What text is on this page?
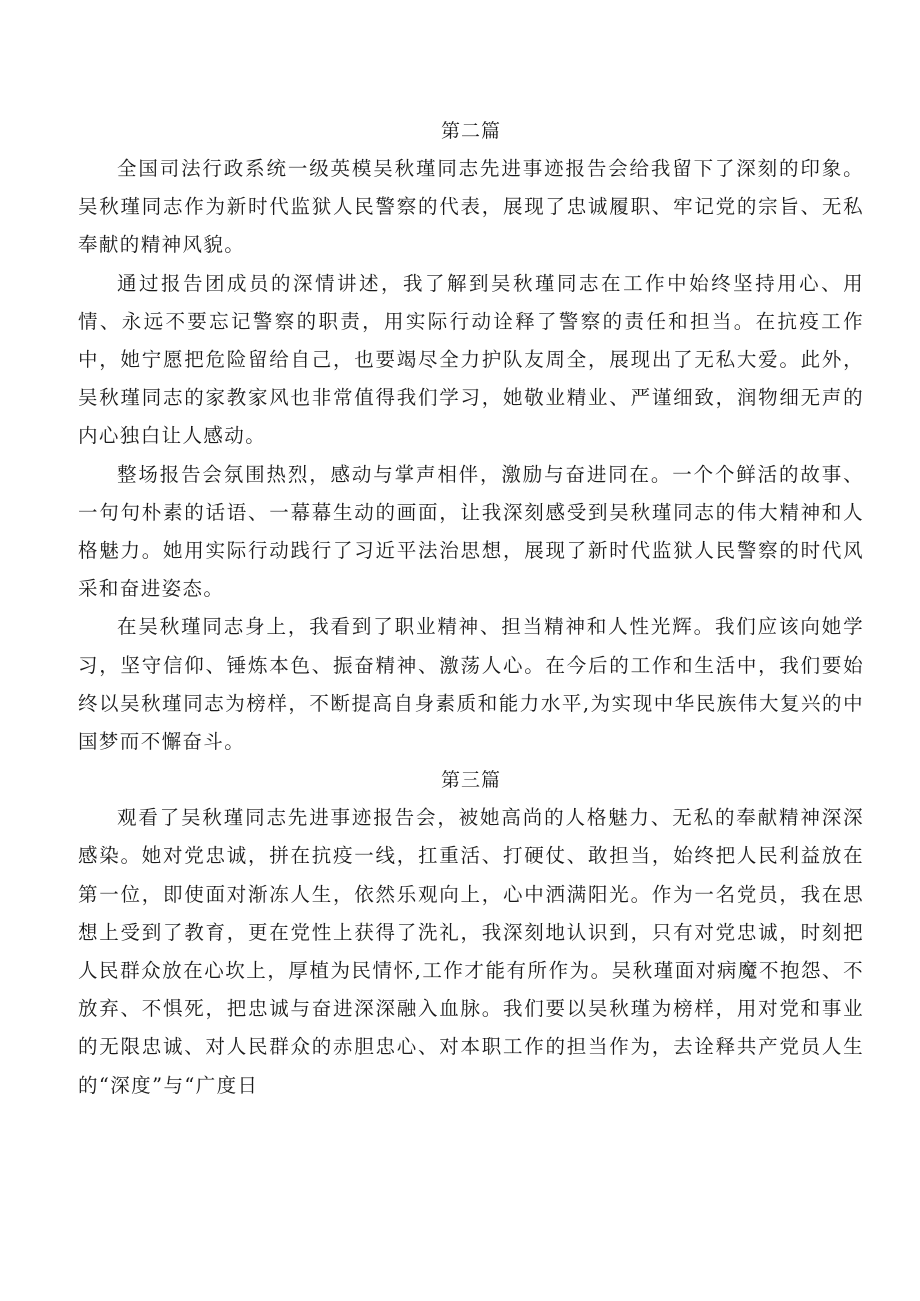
第二篇

全国司法行政系统一级英模吴秋瑾同志先进事迹报告会给我留下了深刻的印象。吴秋瑾同志作为新时代监狱人民警察的代表，展现了忠诚履职、牢记党的宗旨、无私奉献的精神风貌。

通过报告团成员的深情讲述，我了解到吴秋瑾同志在工作中始终坚持用心、用情、永远不要忘记警察的职责，用实际行动诠释了警察的责任和担当。在抗疫工作中，她宁愿把危险留给自己，也要竭尽全力护队友周全，展现出了无私大爱。此外，吴秋瑾同志的家教家风也非常值得我们学习，她敬业精业、严谨细致，润物细无声的内心独白让人感动。

整场报告会氛围热烈，感动与掌声相伴，激励与奋进同在。一个个鲜活的故事、一句句朴素的话语、一幕幕生动的画面，让我深刻感受到吴秋瑾同志的伟大精神和人格魅力。她用实际行动践行了习近平法治思想，展现了新时代监狱人民警察的时代风采和奋进姿态。

在吴秋瑾同志身上，我看到了职业精神、担当精神和人性光辉。我们应该向她学习，坚守信仰、锤炼本色、振奋精神、激荡人心。在今后的工作和生活中，我们要始终以吴秋瑾同志为榜样，不断提高自身素质和能力水平,为实现中华民族伟大复兴的中国梦而不懈奋斗。

第三篇

观看了吴秋瑾同志先进事迹报告会，被她高尚的人格魅力、无私的奉献精神深深感染。她对党忠诚，拼在抗疫一线，扛重活、打硬仗、敢担当，始终把人民利益放在第一位，即使面对渐冻人生，依然乐观向上，心中洒满阳光。作为一名党员，我在思想上受到了教育，更在党性上获得了洗礼，我深刻地认识到，只有对党忠诚，时刻把人民群众放在心坎上，厚植为民情怀,工作才能有所作为。吴秋瑾面对病魔不抱怨、不放弃、不惧死，把忠诚与奋进深深融入血脉。我们要以吴秋瑾为榜样，用对党和事业的无限忠诚、对人民群众的赤胆忠心、对本职工作的担当作为，去诠释共产党员人生的“深度”与“广度日
